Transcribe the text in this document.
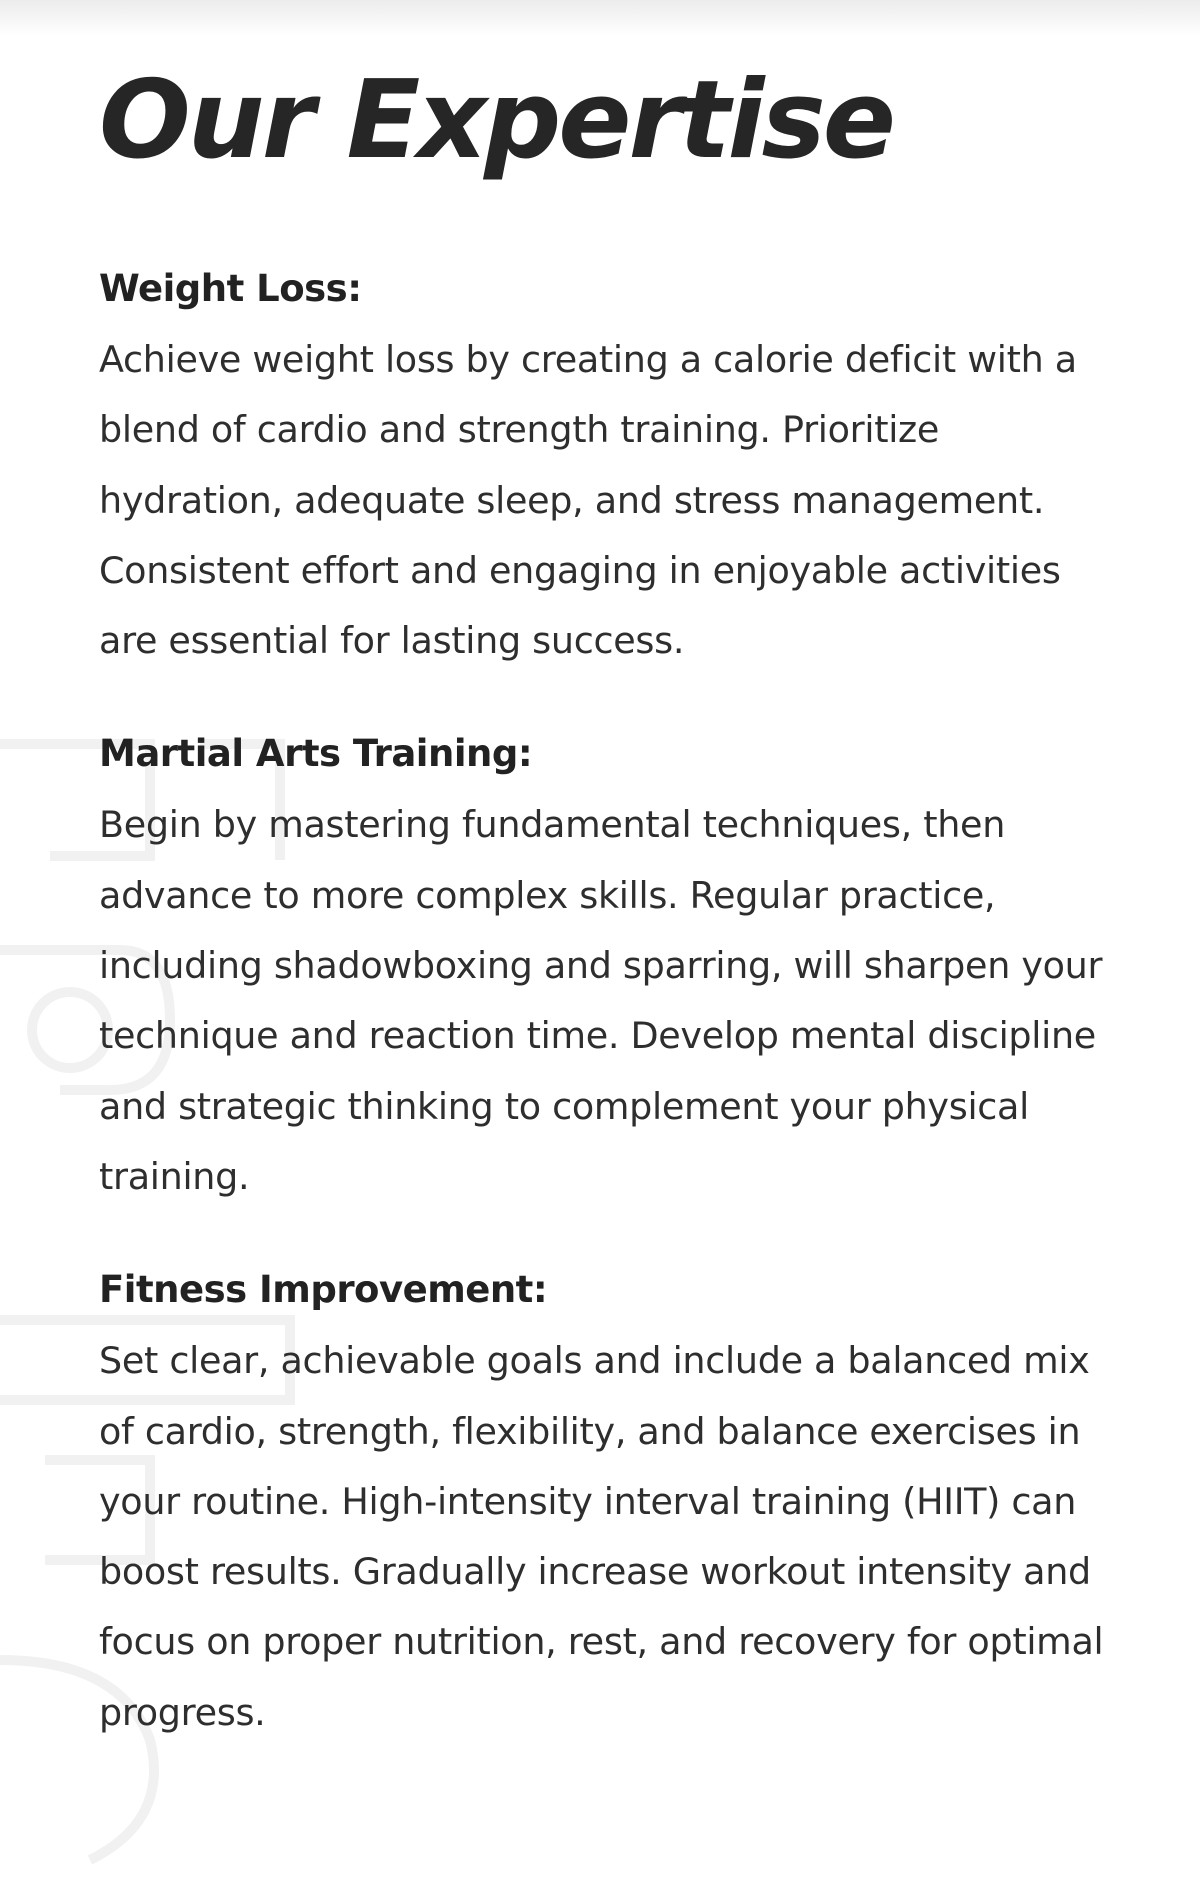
Our Expertise
Weight Loss:

Achieve weight loss by creating a calorie deficit with a blend of cardio and strength training. Prioritize hydration, adequate sleep, and stress management. Consistent effort and engaging in enjoyable activities are essential for lasting success.

Martial Arts Training:

Begin by mastering fundamental techniques, then advance to more complex skills. Regular practice, including shadowboxing and sparring, will sharpen your technique and reaction time. Develop mental discipline and strategic thinking to complement your physical training.

Fitness Improvement:

Set clear, achievable goals and include a balanced mix of cardio, strength, flexibility, and balance exercises in your routine. High-intensity interval training (HIIT) can boost results. Gradually increase workout intensity and focus on proper nutrition, rest, and recovery for optimal progress.
